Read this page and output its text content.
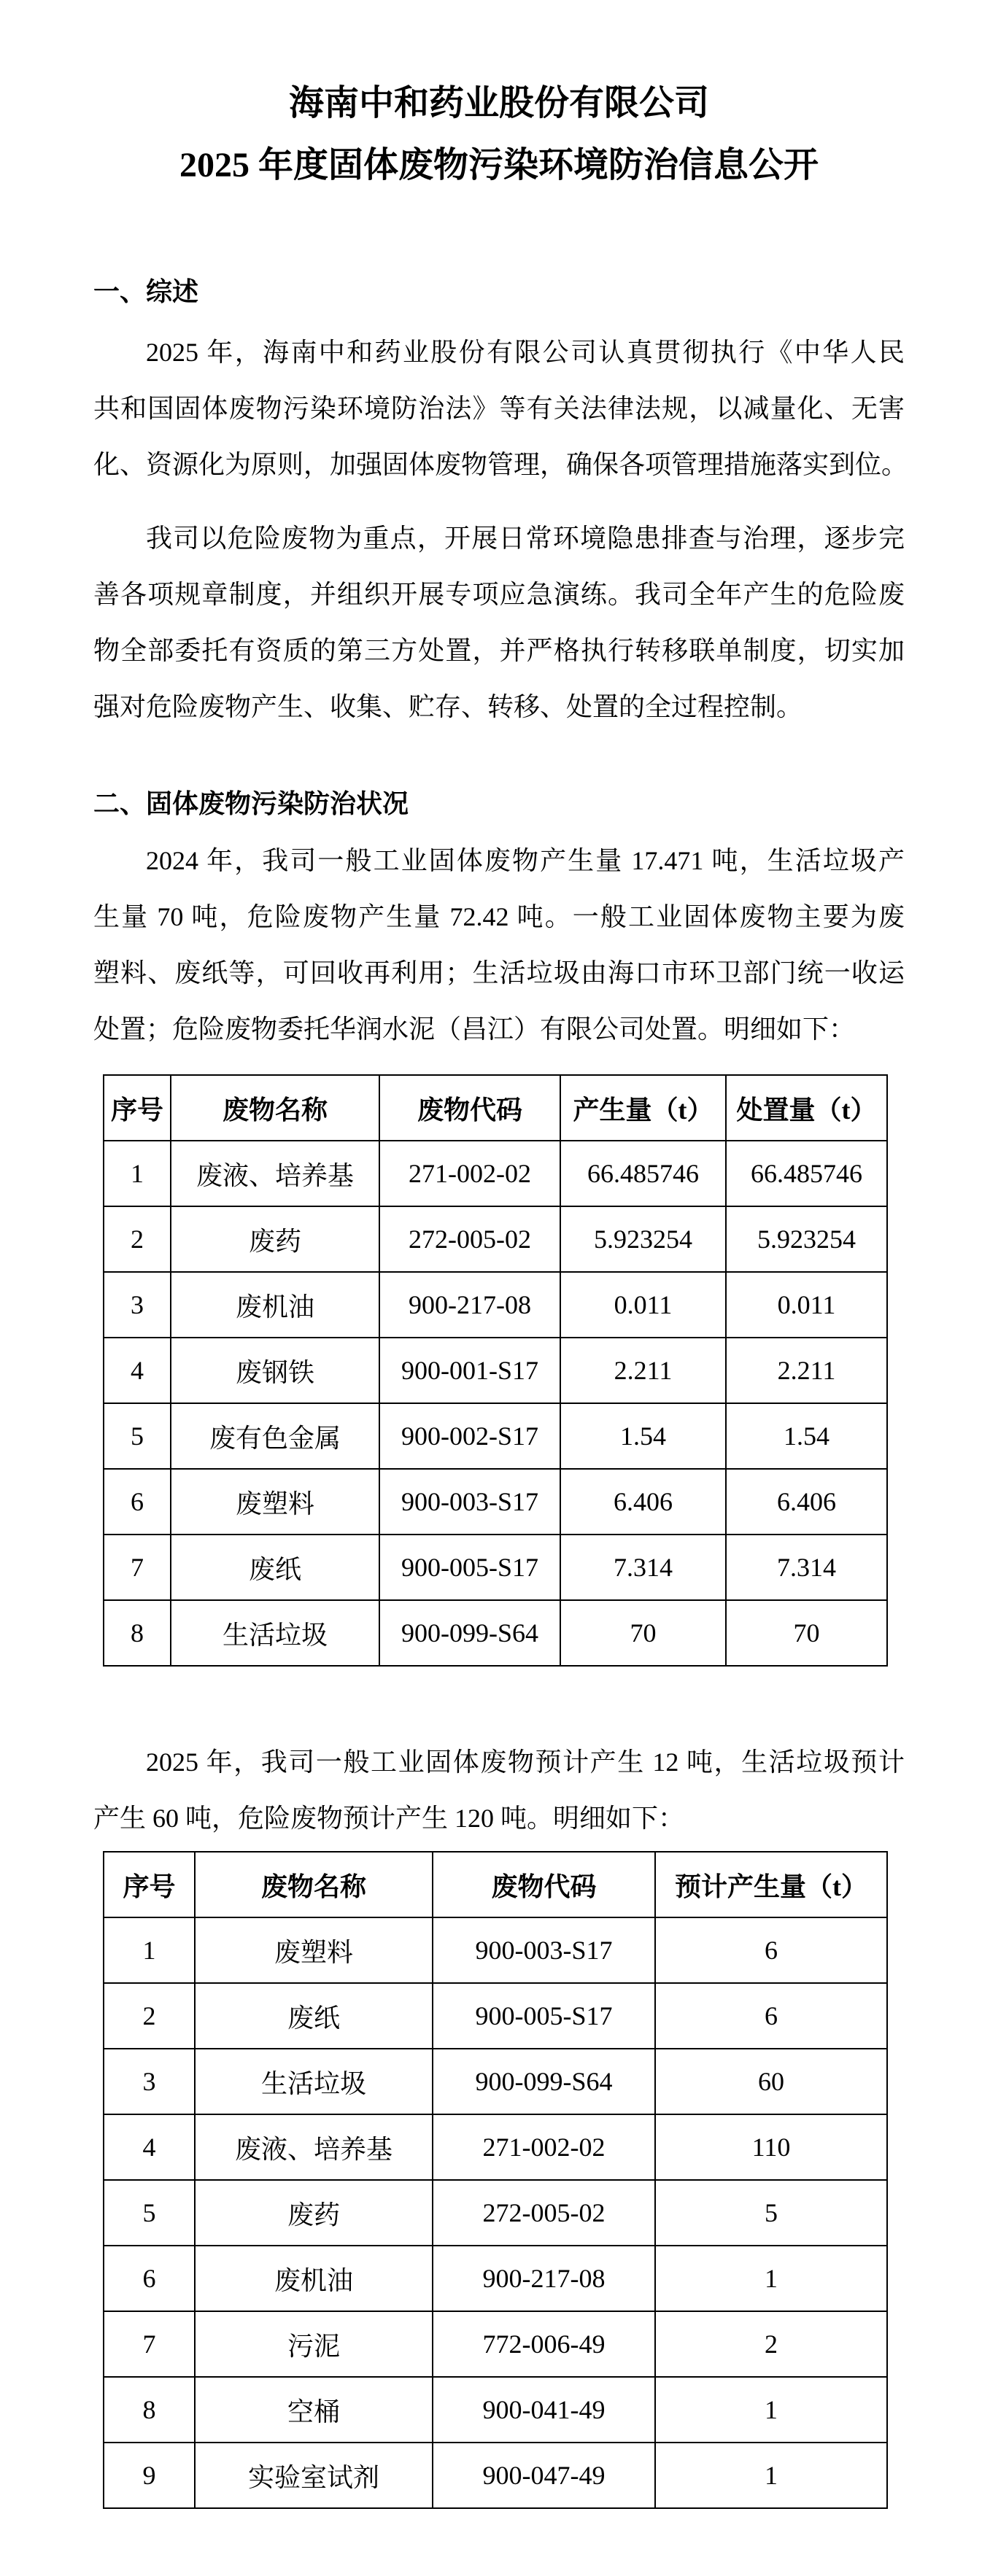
海南中和药业股份有限公司
2025 年度固体废物污染环境防治信息公开
一、综述
2025 年，海南中和药业股份有限公司认真贯彻执行《中华人民
共和国固体废物污染环境防治法》等有关法律法规，以减量化、无害
化、资源化为原则，加强固体废物管理，确保各项管理措施落实到位。
我司以危险废物为重点，开展日常环境隐患排查与治理，逐步完
善各项规章制度，并组织开展专项应急演练。我司全年产生的危险废
物全部委托有资质的第三方处置，并严格执行转移联单制度，切实加
强对危险废物产生、收集、贮存、转移、处置的全过程控制。
二、固体废物污染防治状况
2024 年，我司一般工业固体废物产生量 17.471 吨，生活垃圾产
生量 70 吨，危险废物产生量 72.42 吨。一般工业固体废物主要为废
塑料、废纸等，可回收再利用；生活垃圾由海口市环卫部门统一收运
处置；危险废物委托华润水泥（昌江）有限公司处置。明细如下：
序号	废物名称	废物代码	产生量（t）	处置量（t）
1	废液、培养基	271-002-02	66.485746	66.485746
2	废药	272-005-02	5.923254	5.923254
3	废机油	900-217-08	0.011	0.011
4	废钢铁	900-001-S17	2.211	2.211
5	废有色金属	900-002-S17	1.54	1.54
6	废塑料	900-003-S17	6.406	6.406
7	废纸	900-005-S17	7.314	7.314
8	生活垃圾	900-099-S64	70	70
2025 年，我司一般工业固体废物预计产生 12 吨，生活垃圾预计
产生 60 吨，危险废物预计产生 120 吨。明细如下：
序号	废物名称	废物代码	预计产生量（t）
1	废塑料	900-003-S17	6
2	废纸	900-005-S17	6
3	生活垃圾	900-099-S64	60
4	废液、培养基	271-002-02	110
5	废药	272-005-02	5
6	废机油	900-217-08	1
7	污泥	772-006-49	2
8	空桶	900-041-49	1
9	实验室试剂	900-047-49	1
